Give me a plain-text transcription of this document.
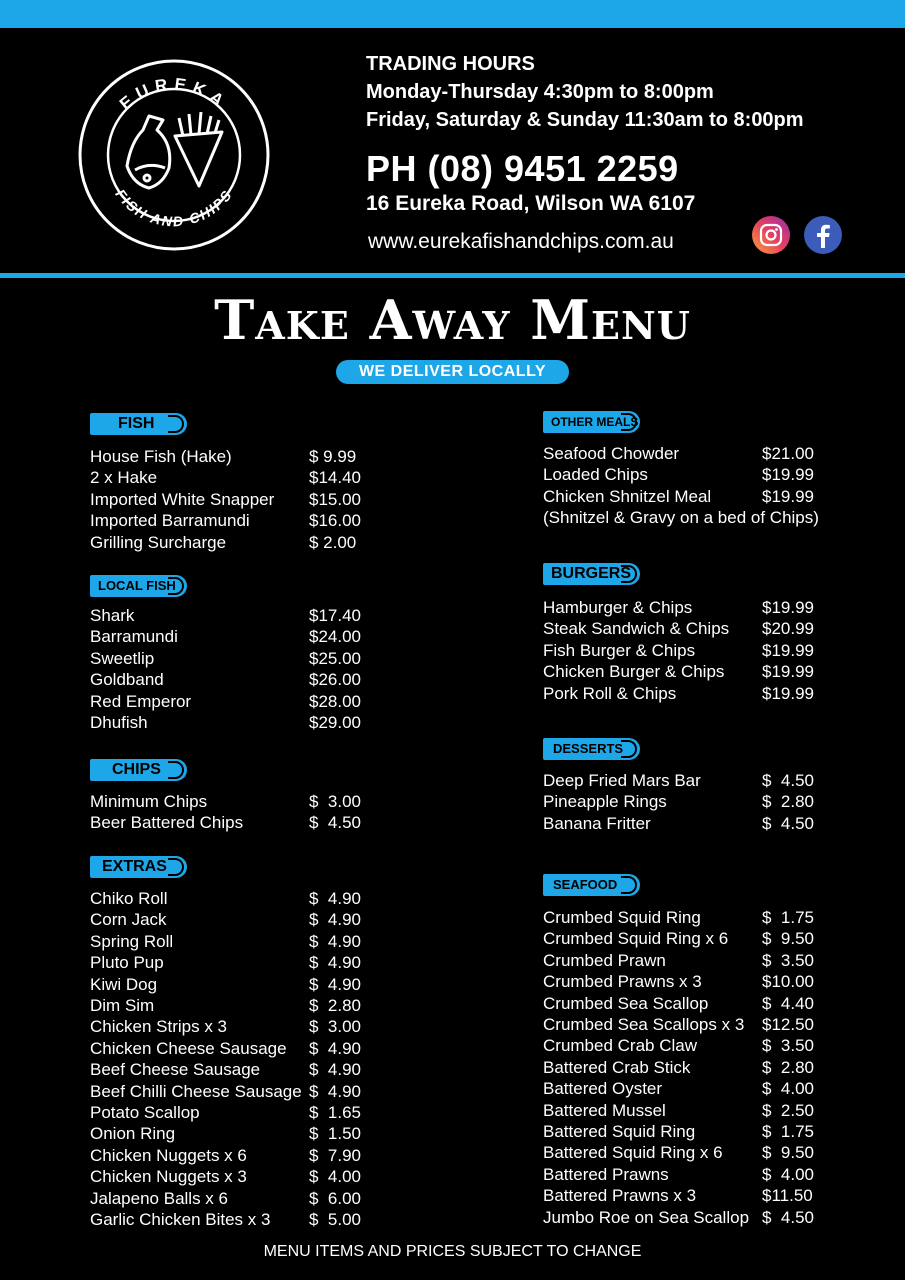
EUREKA
FISH AND CHIPS
TRADING HOURS
Monday-Thursday 4:30pm to 8:00pm
Friday, Saturday & Sunday 11:30am to 8:00pm
PH (08) 9451 2259
16 Eureka Road, Wilson WA 6107
www.eurekafishandchips.com.au
Take Away Menu
WE DELIVER LOCALLY
FISH
House Fish (Hake)	$ 9.99
2 x Hake	$14.40
Imported White Snapper	$15.00
Imported Barramundi	$16.00
Grilling Surcharge	$ 2.00
LOCAL FISH
Shark	$17.40
Barramundi	$24.00
Sweetlip	$25.00
Goldband	$26.00
Red Emperor	$28.00
Dhufish	$29.00
CHIPS
Minimum Chips	$  3.00
Beer Battered Chips	$  4.50
EXTRAS
Chiko Roll	$  4.90
Corn Jack	$  4.90
Spring Roll	$  4.90
Pluto Pup	$  4.90
Kiwi Dog	$  4.90
Dim Sim	$  2.80
Chicken Strips x 3	$  3.00
Chicken Cheese Sausage	$  4.90
Beef Cheese Sausage	$  4.90
Beef Chilli Cheese Sausage $  4.90
Potato Scallop	$  1.65
Onion Ring	$  1.50
Chicken Nuggets x 6	$  7.90
Chicken Nuggets x 3	$  4.00
Jalapeno Balls x 6	$  6.00
Garlic Chicken Bites x 3	$  5.00
OTHER MEALS
Seafood Chowder	$21.00
Loaded Chips	$19.99
Chicken Shnitzel Meal	$19.99
(Shnitzel & Gravy on a bed of Chips)
BURGERS
Hamburger & Chips	$19.99
Steak Sandwich & Chips	$20.99
Fish Burger & Chips	$19.99
Chicken Burger & Chips	$19.99
Pork Roll & Chips	$19.99
DESSERTS
Deep Fried Mars Bar	$  4.50
Pineapple Rings	$  2.80
Banana Fritter	$  4.50
SEAFOOD
Crumbed Squid Ring	$  1.75
Crumbed Squid Ring x 6	$  9.50
Crumbed Prawn	$  3.50
Crumbed Prawns x 3	$10.00
Crumbed Sea Scallop	$  4.40
Crumbed Sea Scallops x 3	$12.50
Crumbed Crab Claw	$  3.50
Battered Crab Stick	$  2.80
Battered Oyster	$  4.00
Battered Mussel	$  2.50
Battered Squid Ring	$  1.75
Battered Squid Ring x 6	$  9.50
Battered Prawns	$  4.00
Battered Prawns x 3	$11.50
Jumbo Roe on Sea Scallop $  4.50
MENU ITEMS AND PRICES SUBJECT TO CHANGE
